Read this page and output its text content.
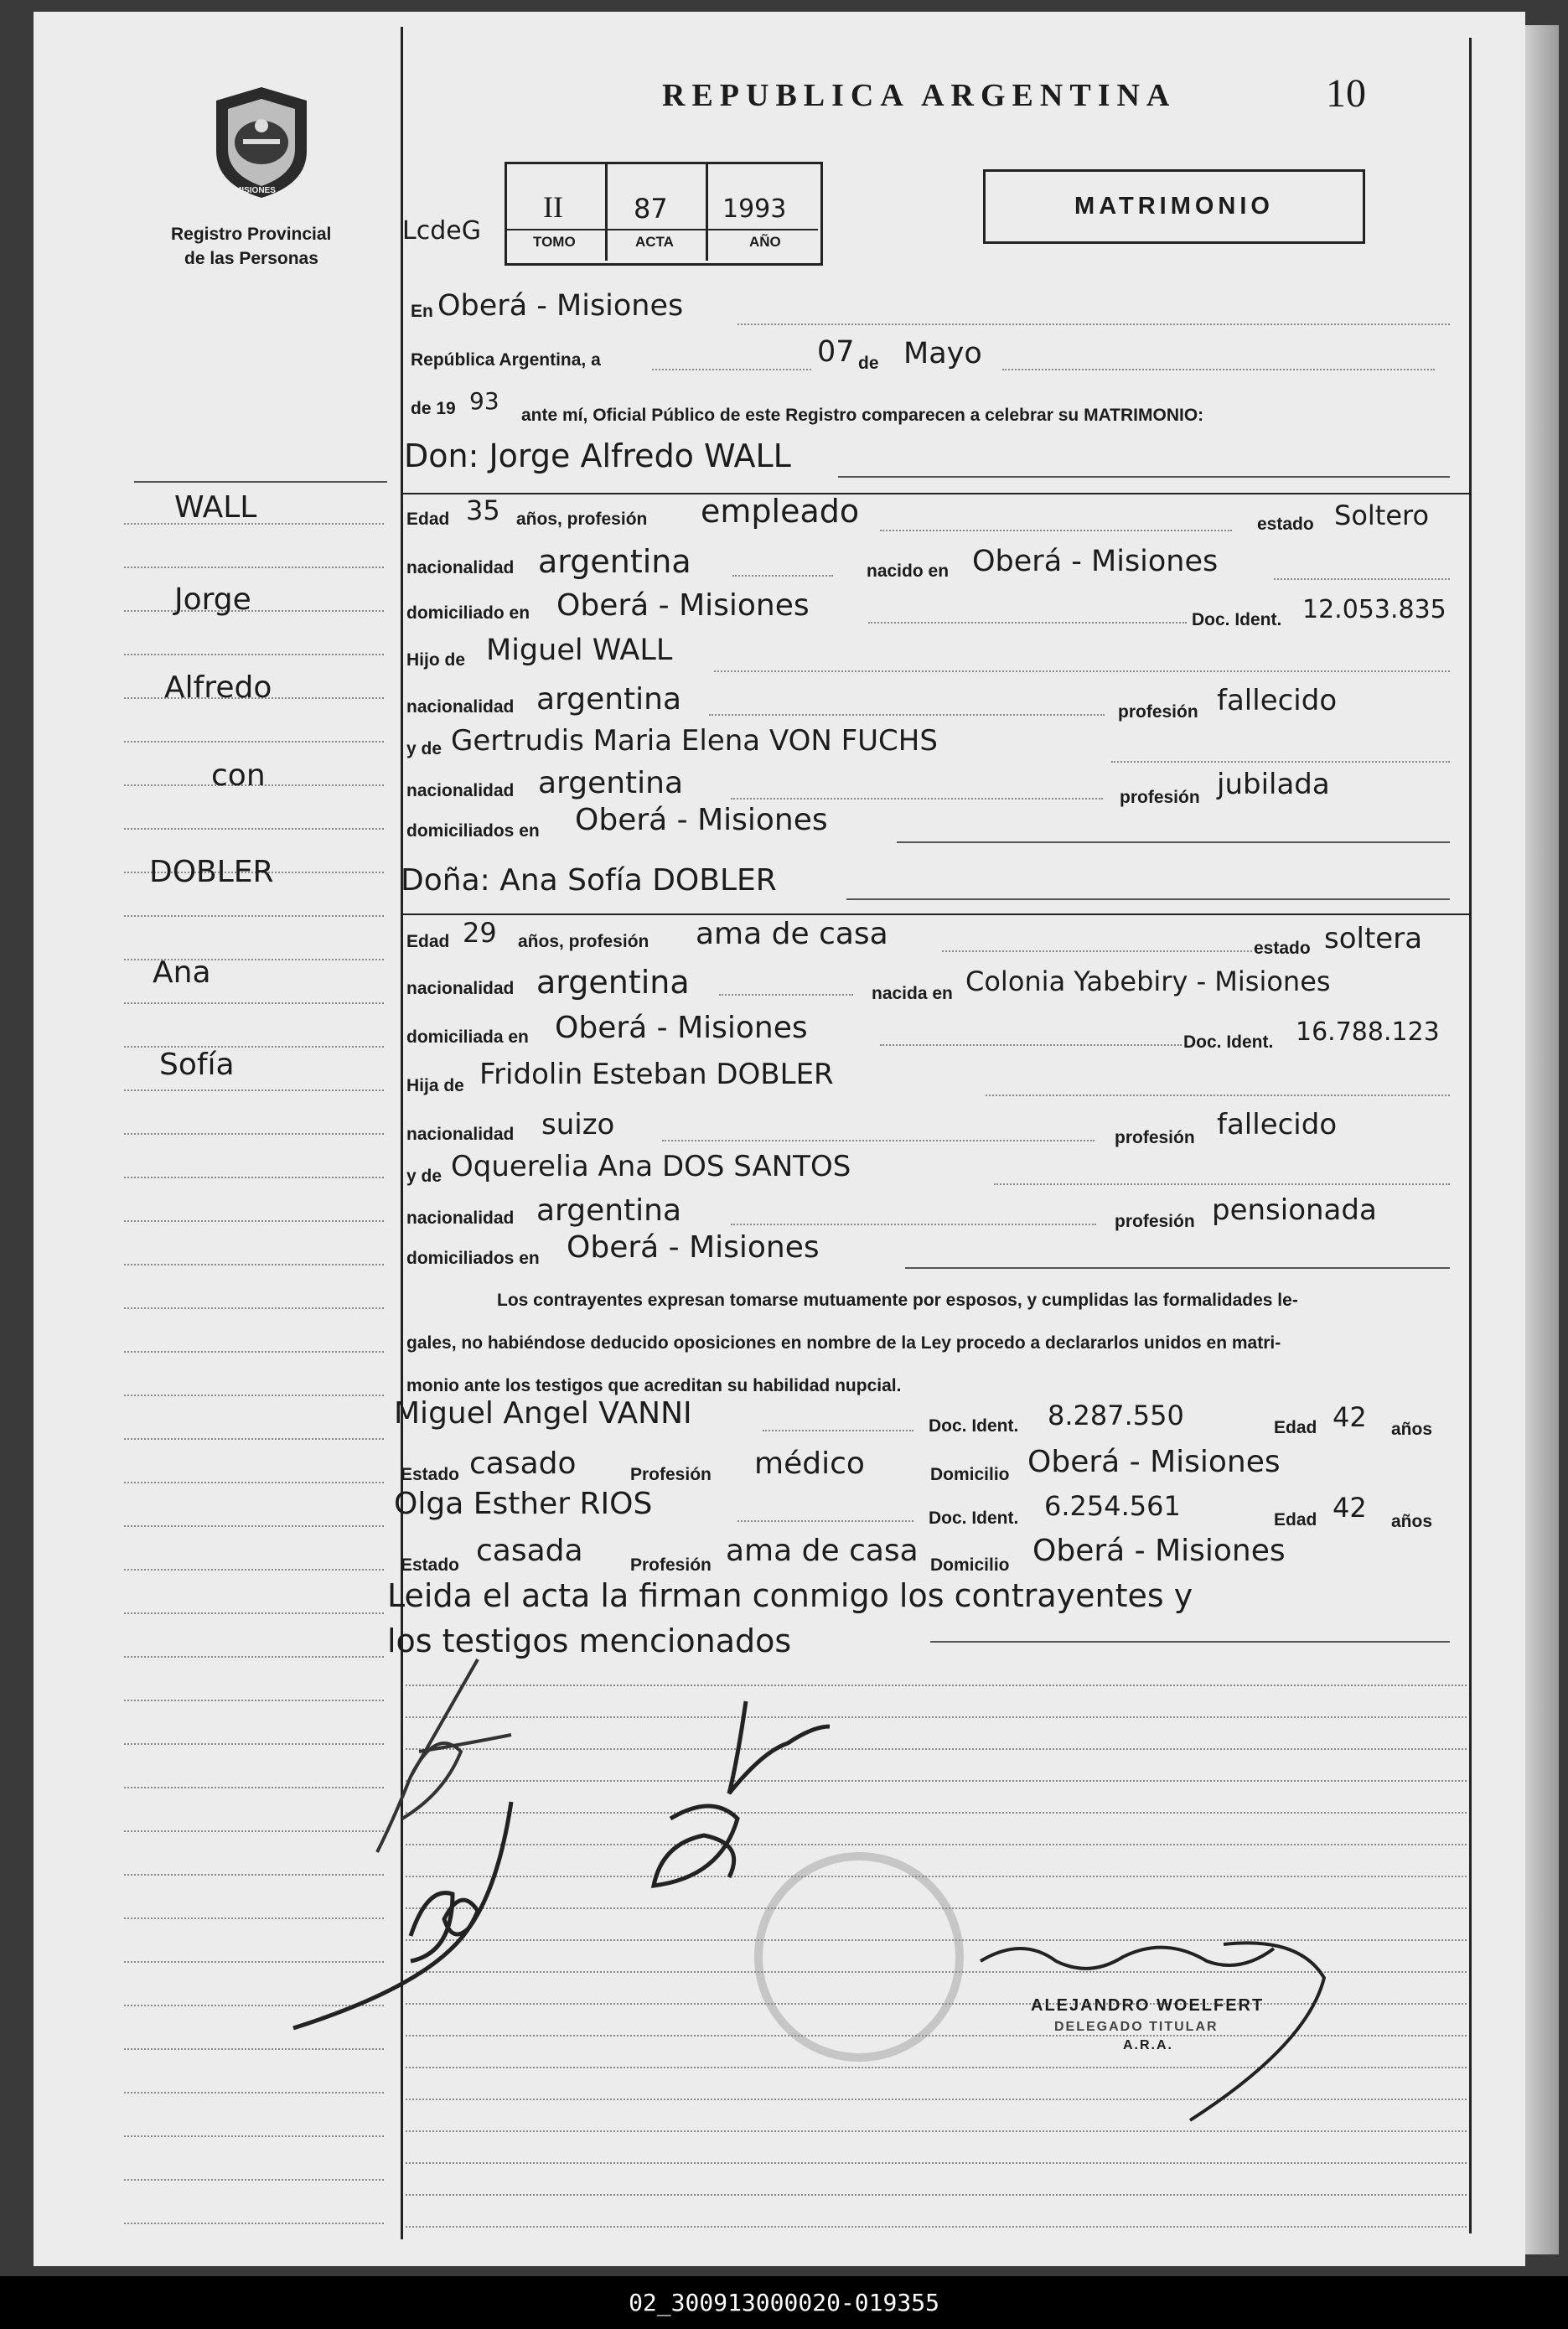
MISIONES
Registro Provincial
de las Personas
REPUBLICA ARGENTINA	10
LcdeG
II	87 1993
TOMO	ACTA	AÑO
MATRIMONIO
En Oberá - Misiones
República Argentina, a	07 de Mayo
de 19 93
ante mí, Oficial Público de este Registro comparecen a celebrar su MATRIMONIO:
WALL
Jorge
Alfredo
con
DOBLER
Ana
Sofía
Don: Jorge Alfredo WALL
Edad 35 años, profesión empleado	estado Soltero
nacionalidad argentina	nacido en Oberá - Misiones
domiciliado en Oberá - Misiones	Doc. Ident. 12.053.835
Hijo de Miguel WALL
nacionalidad argentina	profesión fallecido
y de Gertrudis Maria Elena VON FUCHS
nacionalidad argentina	profesión jubilada
domiciliados en Oberá - Misiones
Doña: Ana Sofía DOBLER
Edad 29 años, profesión ama de casa	estado soltera
nacionalidad argentina	nacida en Colonia Yabebiry - Misiones
domiciliada en Oberá - Misiones	Doc. Ident. 16.788.123
Hija de Fridolin Esteban DOBLER
nacionalidad suizo	profesión fallecido
y de Oquerelia Ana DOS SANTOS
nacionalidad argentina	profesión pensionada
domiciliados en Oberá - Misiones
Los contrayentes expresan tomarse mutuamente por esposos, y cumplidas las formalidades le-
gales, no habiéndose deducido oposiciones en nombre de la Ley procedo a declararlos unidos en matri-
monio ante los testigos que acreditan su habilidad nupcial.
Miguel Angel VANNI	Doc. Ident. 8.287.550	Edad 42 años
Estado casado	Profesión médico	Domicilio Oberá - Misiones
Olga Esther RIOS	Doc. Ident. 6.254.561	Edad 42 años
Estado casada	Profesión ama de casa Domicilio Oberá - Misiones
Leida el acta la firman conmigo los contrayentes y
los testigos mencionados
ALEJANDRO WOELFERT
DELEGADO TITULAR
A.R.A.
02_300913000020-019355
